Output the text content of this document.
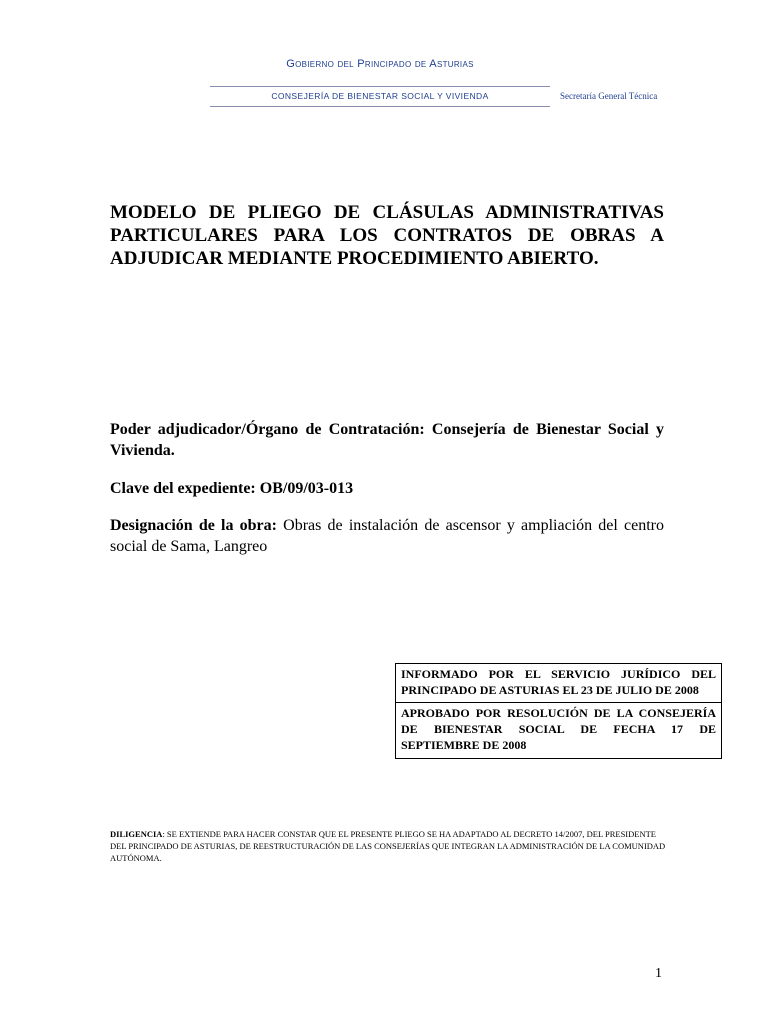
Gobierno del Principado de Asturias
CONSEJERÍA DE BIENESTAR SOCIAL Y VIVIENDA	Secretaría General Técnica

MODELO DE PLIEGO DE CLÁSULAS ADMINISTRATIVAS PARTICULARES PARA LOS CONTRATOS DE OBRAS A ADJUDICAR MEDIANTE PROCEDIMIENTO ABIERTO.

Poder adjudicador/Órgano de Contratación: Consejería de Bienestar Social y Vivienda.

Clave del expediente: OB/09/03-013

Designación de la obra: Obras de instalación de ascensor y ampliación del centro social de Sama, Langreo

INFORMADO POR EL SERVICIO JURÍDICO DEL PRINCIPADO DE ASTURIAS EL 23 DE JULIO DE 2008
APROBADO POR RESOLUCIÓN DE LA CONSEJERÍA DE BIENESTAR SOCIAL DE FECHA 17 DE SEPTIEMBRE DE 2008

DILIGENCIA: SE EXTIENDE PARA HACER CONSTAR QUE EL PRESENTE PLIEGO SE HA ADAPTADO AL DECRETO 14/2007, DEL PRESIDENTE DEL PRINCIPADO DE ASTURIAS, DE REESTRUCTURACIÓN DE LAS CONSEJERÍAS QUE INTEGRAN LA ADMINISTRACIÓN DE LA COMUNIDAD AUTÓNOMA.

1
